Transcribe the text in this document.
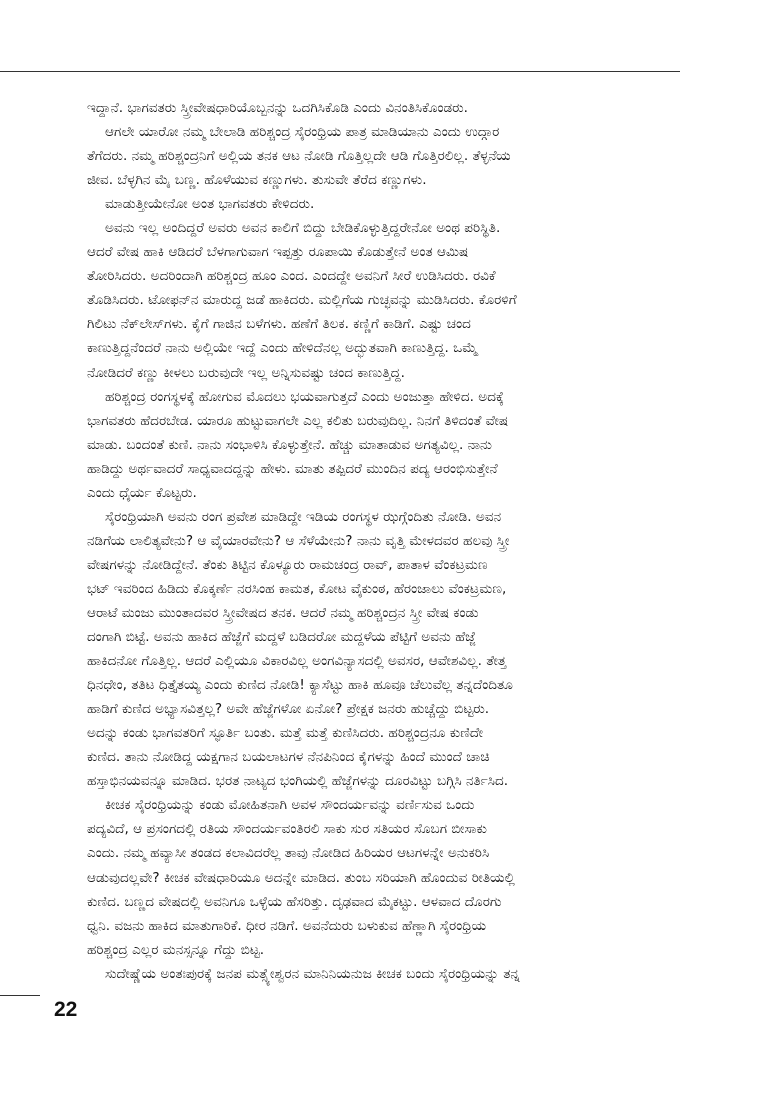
ಇದ್ದಾನೆ. ಭಾಗವತರು ಸ್ತ್ರೀವೇಷಧಾರಿಯೊಬ್ಬನನ್ನು ಒದಗಿಸಿಕೊಡಿ ಎಂದು ವಿನಂತಿಸಿಕೊಂಡರು.
ಆಗಲೇ ಯಾರೋ ನಮ್ಮ ಬೇಲಾಡಿ ಹರಿಶ್ಚಂದ್ರ ಸೈರಂಧ್ರಿಯ ಪಾತ್ರ ಮಾಡಿಯಾನು ಎಂದು ಉದ್ಗಾರ
ತೆಗೆದರು. ನಮ್ಮ ಹರಿಶ್ಚಂದ್ರನಿಗೆ ಅಲ್ಲಿಯ ತನಕ ಆಟ ನೋಡಿ ಗೊತ್ತಿಲ್ಲದೇ ಆಡಿ ಗೊತ್ತಿರಲಿಲ್ಲ. ತೆಳ್ಳನೆಯ
ಜೀವ. ಬೆಳ್ಳಗಿನ ಮೈ ಬಣ್ಣ. ಹೊಳೆಯುವ ಕಣ್ಣುಗಳು. ತುಸುವೇ ತೆರೆದ ಕಣ್ಣುಗಳು.
ಮಾಡುತ್ತೀಯೇನೋ ಅಂತ ಭಾಗವತರು ಕೇಳಿದರು.
ಅವನು ಇಲ್ಲ ಅಂದಿದ್ದರೆ ಅವರು ಅವನ ಕಾಲಿಗೆ ಬಿದ್ದು ಬೇಡಿಕೊಳ್ಳುತ್ತಿದ್ದರೇನೋ ಅಂಥ ಪರಿಸ್ಥಿತಿ.
ಆದರೆ ವೇಷ ಹಾಕಿ ಆಡಿದರೆ ಬೆಳಗಾಗುವಾಗ ಇಪ್ಪತ್ತು ರೂಪಾಯಿ ಕೊಡುತ್ತೇನೆ ಅಂತ ಆಮಿಷ
ತೋರಿಸಿದರು. ಅದರಿಂದಾಗಿ ಹರಿಶ್ಚಂದ್ರ ಹೂಂ ಎಂದ. ಎಂದದ್ದೇ ಅವನಿಗೆ ಸೀರೆ ಉಡಿಸಿದರು. ರವಿಕೆ
ತೊಡಿಸಿದರು. ಟೋಫನ್‌ನ ಮಾರುದ್ದ ಜಡೆ ಹಾಕಿದರು. ಮಲ್ಲಿಗೆಯ ಗುಚ್ಛವನ್ನು ಮುಡಿಸಿದರು. ಕೊರಳಿಗೆ
ಗಿಲಿಟು ನೆಕ್‌ಲೇಸ್‌ಗಳು. ಕೈಗೆ ಗಾಜಿನ ಬಳೆಗಳು. ಹಣೆಗೆ ತಿಲಕ. ಕಣ್ಣಿಗೆ ಕಾಡಿಗೆ. ಎಷ್ಟು ಚಂದ
ಕಾಣುತ್ತಿದ್ದನೆಂದರೆ ನಾನು ಅಲ್ಲಿಯೇ ಇದ್ದೆ ಎಂದು ಹೇಳಿದೆನಲ್ಲ ಅದ್ಭುತವಾಗಿ ಕಾಣುತ್ತಿದ್ದ. ಒಮ್ಮೆ
ನೋಡಿದರೆ ಕಣ್ಣು ಕೀಳಲು ಬರುವುದೇ ಇಲ್ಲ ಅನ್ನಿಸುವಷ್ಟು ಚಂದ ಕಾಣುತ್ತಿದ್ದ.
ಹರಿಶ್ಚಂದ್ರ ರಂಗಸ್ಥಳಕ್ಕೆ ಹೋಗುವ ಮೊದಲು ಭಯವಾಗುತ್ತದೆ ಎಂದು ಅಂಜುತ್ತಾ ಹೇಳಿದ. ಅದಕ್ಕೆ
ಭಾಗವತರು ಹೆದರಬೇಡ. ಯಾರೂ ಹುಟ್ಟುವಾಗಲೇ ಎಲ್ಲ ಕಲಿತು ಬರುವುದಿಲ್ಲ. ನಿನಗೆ ತಿಳಿದಂತೆ ವೇಷ
ಮಾಡು. ಬಂದಂತೆ ಕುಣಿ. ನಾನು ಸಂಭಾಳಿಸಿ ಕೊಳ್ಳುತ್ತೇನೆ. ಹೆಚ್ಚು ಮಾತಾಡುವ ಅಗತ್ಯವಿಲ್ಲ. ನಾನು
ಹಾಡಿದ್ದು ಅರ್ಥವಾದರೆ ಸಾಧ್ಯವಾದದ್ದನ್ನು ಹೇಳು. ಮಾತು ತಪ್ಪಿದರೆ ಮುಂದಿನ ಪದ್ಯ ಆರಂಭಿಸುತ್ತೇನೆ
ಎಂದು ಧೈರ್ಯ ಕೊಟ್ಟರು.
ಸೈರಂಧ್ರಿಯಾಗಿ ಅವನು ರಂಗ ಪ್ರವೇಶ ಮಾಡಿದ್ದೇ ಇಡಿಯ ರಂಗಸ್ಥಳ ಝಗ್ಗೆಂದಿತು ನೋಡಿ. ಅವನ
ನಡಿಗೆಯ ಲಾಲಿತ್ಯವೇನು? ಆ ವೈಯಾರವೇನು? ಆ ಸೆಳೆಯೇನು? ನಾನು ವೃತ್ತಿ ಮೇಳದವರ ಹಲವು ಸ್ತ್ರೀ
ವೇಷಗಳನ್ನು ನೋಡಿದ್ದೇನೆ. ತೆಂಕು ತಿಟ್ಟಿನ ಕೊಳ್ಯೂರು ರಾಮಚಂದ್ರ ರಾವ್, ಪಾತಾಳ ವೆಂಕಟ್ರಮಣ
ಭಟ್ ಇವರಿಂದ ಹಿಡಿದು ಕೊಕ್ಕರ್ಣೆ ನರಸಿಂಹ ಕಾಮತ, ಕೋಟ ವೈಕುಂಠ, ಹೆರಂಜಾಲು ವೆಂಕಟ್ರಮಣ,
ಆರಾಟೆ ಮಂಜು ಮುಂತಾದವರ ಸ್ತ್ರೀವೇಷದ ತನಕ. ಆದರೆ ನಮ್ಮ ಹರಿಶ್ಚಂದ್ರನ ಸ್ತ್ರೀ ವೇಷ ಕಂಡು
ದಂಗಾಗಿ ಬಿಟ್ಟೆ. ಅವನು ಹಾಕಿದ ಹೆಜ್ಜೆಗೆ ಮದ್ದಳೆ ಬಡಿದರೋ ಮದ್ದಳೆಯ ಪೆಟ್ಟಿಗೆ ಅವನು ಹೆಜ್ಜೆ
ಹಾಕಿದನೋ ಗೊತ್ತಿಲ್ಲ. ಆದರೆ ಎಲ್ಲಿಯೂ ವಿಕಾರವಿಲ್ಲ ಅಂಗವಿನ್ಯಾಸದಲ್ಲಿ ಅವಸರ, ಆವೇಶವಿಲ್ಲ. ತೇತ್ತ
ಧಿನಧೇಂ, ತತಿಟ ಧಿತ್ತೈತಯ್ಯ ಎಂದು ಕುಣಿದ ನೋಡಿ! ಕ್ಯಾಸೆಟ್ಟು ಹಾಕಿ ಹೂವೂ ಚೆಲುವೆಲ್ಲ ತನ್ನದೆಂದಿತೂ
ಹಾಡಿಗೆ ಕುಣಿದ ಅಭ್ಯಾಸವಿತ್ತಲ್ಲ? ಅವೇ ಹೆಜ್ಜೆಗಳೋ ಏನೋ? ಪ್ರೇಕ್ಷಕ ಜನರು ಹುಚ್ಚೆದ್ದು ಬಿಟ್ಟರು.
ಅದನ್ನು ಕಂಡು ಭಾಗವತರಿಗೆ ಸ್ಫೂರ್ತಿ ಬಂತು. ಮತ್ತೆ ಮತ್ತೆ ಕುಣಿಸಿದರು. ಹರಿಶ್ಚಂದ್ರನೂ ಕುಣಿದೇ
ಕುಣಿದ. ತಾನು ನೋಡಿದ್ದ ಯಕ್ಷಗಾನ ಬಯಲಾಟಗಳ ನೆನಪಿನಿಂದ ಕೈಗಳನ್ನು ಹಿಂದೆ ಮುಂದೆ ಚಾಚಿ
ಹಸ್ತಾಭಿನಯವನ್ನೂ ಮಾಡಿದ. ಭರತ ನಾಟ್ಯದ ಭಂಗಿಯಲ್ಲಿ ಹೆಜ್ಜೆಗಳನ್ನು ದೂರವಿಟ್ಟು ಬಗ್ಗಿಸಿ ನರ್ತಿಸಿದ.
ಕೀಚಕ ಸೈರಂಧ್ರಿಯನ್ನು ಕಂಡು ಮೋಹಿತನಾಗಿ ಅವಳ ಸೌಂದರ್ಯವನ್ನು ವರ್ಣಿಸುವ ಒಂದು
ಪದ್ಯವಿದೆ, ಆ ಪ್ರಸಂಗದಲ್ಲಿ ರತಿಯ ಸೌಂದರ್ಯವಂತಿರಲಿ ಸಾಕು ಸುರ ಸತಿಯರ ಸೊಬಗ ಬೀಸಾಕು
ಎಂದು. ನಮ್ಮ ಹವ್ಯಾಸೀ ತಂಡದ ಕಲಾವಿದರೆಲ್ಲ ತಾವು ನೋಡಿದ ಹಿರಿಯರ ಆಟಗಳನ್ನೇ ಅನುಕರಿಸಿ
ಆಡುವುದಲ್ಲವೇ? ಕೀಚಕ ವೇಷಧಾರಿಯೂ ಅದನ್ನೇ ಮಾಡಿದ. ತುಂಬ ಸರಿಯಾಗಿ ಹೊಂದುವ ರೀತಿಯಲ್ಲಿ
ಕುಣಿದ. ಬಣ್ಣದ ವೇಷದಲ್ಲಿ ಅವನಿಗೂ ಒಳ್ಳೆಯ ಹೆಸರಿತ್ತು. ದೃಢವಾದ ಮೈಕಟ್ಟು. ಆಳವಾದ ದೊರಗು
ಧ್ವನಿ. ವಜನು ಹಾಕಿದ ಮಾತುಗಾರಿಕೆ. ಧೀರ ನಡಿಗೆ. ಅವನೆದುರು ಬಳುಕುವ ಹೆಣ್ಣಾಗಿ ಸೈರಂಧ್ರಿಯ
ಹರಿಶ್ಚಂದ್ರ ಎಲ್ಲರ ಮನಸ್ಸನ್ನೂ ಗೆದ್ದು ಬಿಟ್ಟ.
ಸುದೇಷ್ಣೆಯ ಅಂತಃಪುರಕ್ಕೆ ಜನಪ ಮತ್ಸ್ಯೇಶ್ವರನ ಮಾನಿನಿಯನುಜ ಕೀಚಕ ಬಂದು ಸೈರಂಧ್ರಿಯನ್ನು ತನ್ನ
22
